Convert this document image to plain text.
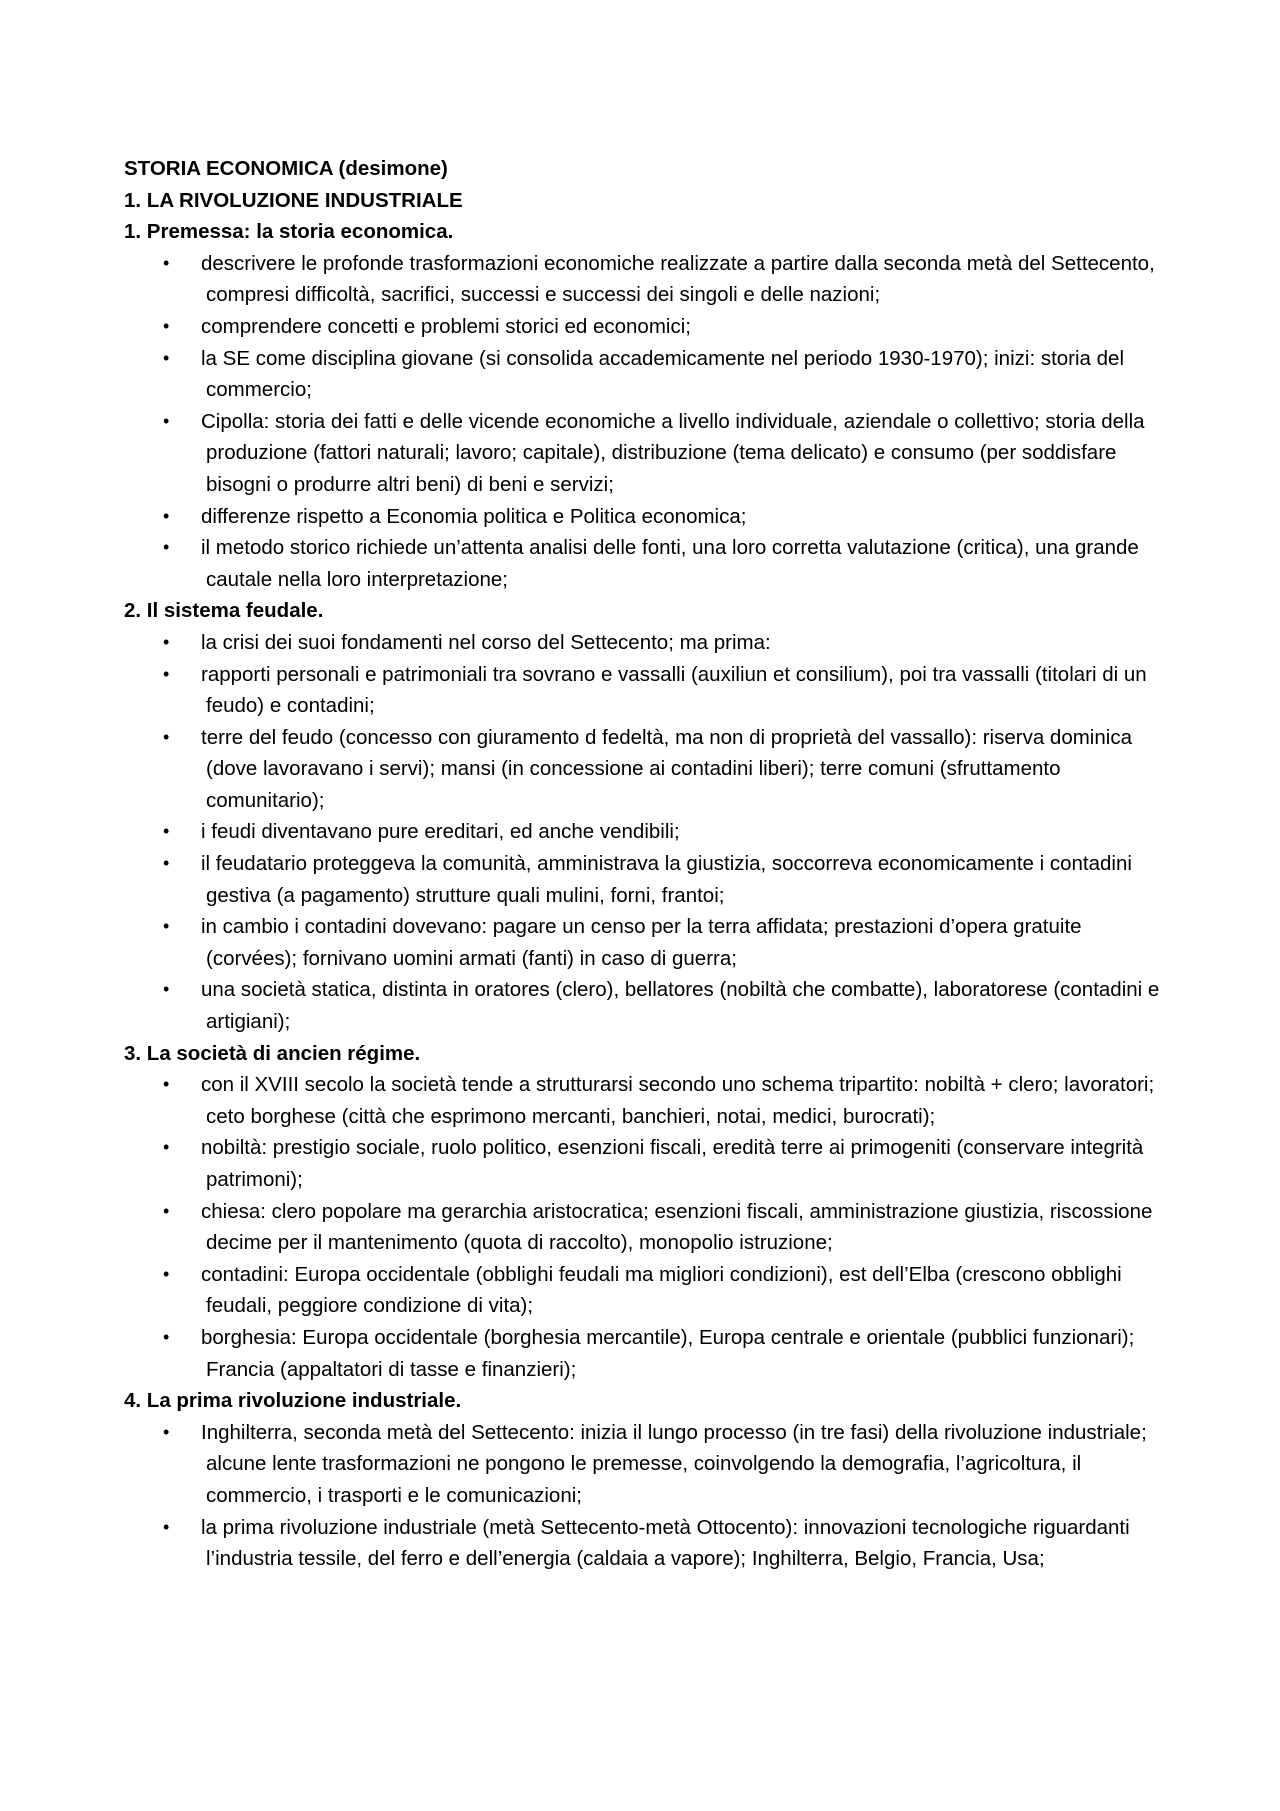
STORIA ECONOMICA (desimone)

1. LA RIVOLUZIONE INDUSTRIALE

1. Premessa: la storia economica.

• descrivere le profonde trasformazioni economiche realizzate a partire dalla seconda metà del Settecento, compresi difficoltà, sacrifici, successi e successi dei singoli e delle nazioni;
• comprendere concetti e problemi storici ed economici;
• la SE come disciplina giovane (si consolida accademicamente nel periodo 1930-1970); inizi: storia del commercio;
• Cipolla: storia dei fatti e delle vicende economiche a livello individuale, aziendale o collettivo; storia della produzione (fattori naturali; lavoro; capitale), distribuzione (tema delicato) e consumo (per soddisfare bisogni o produrre altri beni) di beni e servizi;
• differenze rispetto a Economia politica e Politica economica;
• il metodo storico richiede un’attenta analisi delle fonti, una loro corretta valutazione (critica), una grande cautale nella loro interpretazione;

2. Il sistema feudale.

• la crisi dei suoi fondamenti nel corso del Settecento; ma prima:
• rapporti personali e patrimoniali tra sovrano e vassalli (auxiliun et consilium), poi tra vassalli (titolari di un feudo) e contadini;
• terre del feudo (concesso con giuramento d fedeltà, ma non di proprietà del vassallo): riserva dominica (dove lavoravano i servi); mansi (in concessione ai contadini liberi); terre comuni (sfruttamento comunitario);
• i feudi diventavano pure ereditari, ed anche vendibili;
• il feudatario proteggeva la comunità, amministrava la giustizia, soccorreva economicamente i contadini gestiva (a pagamento) strutture quali mulini, forni, frantoi;
• in cambio i contadini dovevano: pagare un censo per la terra affidata; prestazioni d’opera gratuite (corvées); fornivano uomini armati (fanti) in caso di guerra;
• una società statica, distinta in oratores (clero), bellatores (nobiltà che combatte), laboratorese (contadini e artigiani);

3. La società di ancien régime.

• con il XVIII secolo la società tende a strutturarsi secondo uno schema tripartito: nobiltà + clero; lavoratori; ceto borghese (città che esprimono mercanti, banchieri, notai, medici, burocrati);
• nobiltà: prestigio sociale, ruolo politico, esenzioni fiscali, eredità terre ai primogeniti (conservare integrità patrimoni);
• chiesa: clero popolare ma gerarchia aristocratica; esenzioni fiscali, amministrazione giustizia, riscossione decime per il mantenimento (quota di raccolto), monopolio istruzione;
• contadini: Europa occidentale (obblighi feudali ma migliori condizioni), est dell’Elba (crescono obblighi feudali, peggiore condizione di vita);
• borghesia: Europa occidentale (borghesia mercantile), Europa centrale e orientale (pubblici funzionari); Francia (appaltatori di tasse e finanzieri);

4. La prima rivoluzione industriale.

• Inghilterra, seconda metà del Settecento: inizia il lungo processo (in tre fasi) della rivoluzione industriale; alcune lente trasformazioni ne pongono le premesse, coinvolgendo la demografia, l’agricoltura, il commercio, i trasporti e le comunicazioni;
• la prima rivoluzione industriale (metà Settecento-metà Ottocento): innovazioni tecnologiche riguardanti l’industria tessile, del ferro e dell’energia (caldaia a vapore); Inghilterra, Belgio, Francia, Usa;
